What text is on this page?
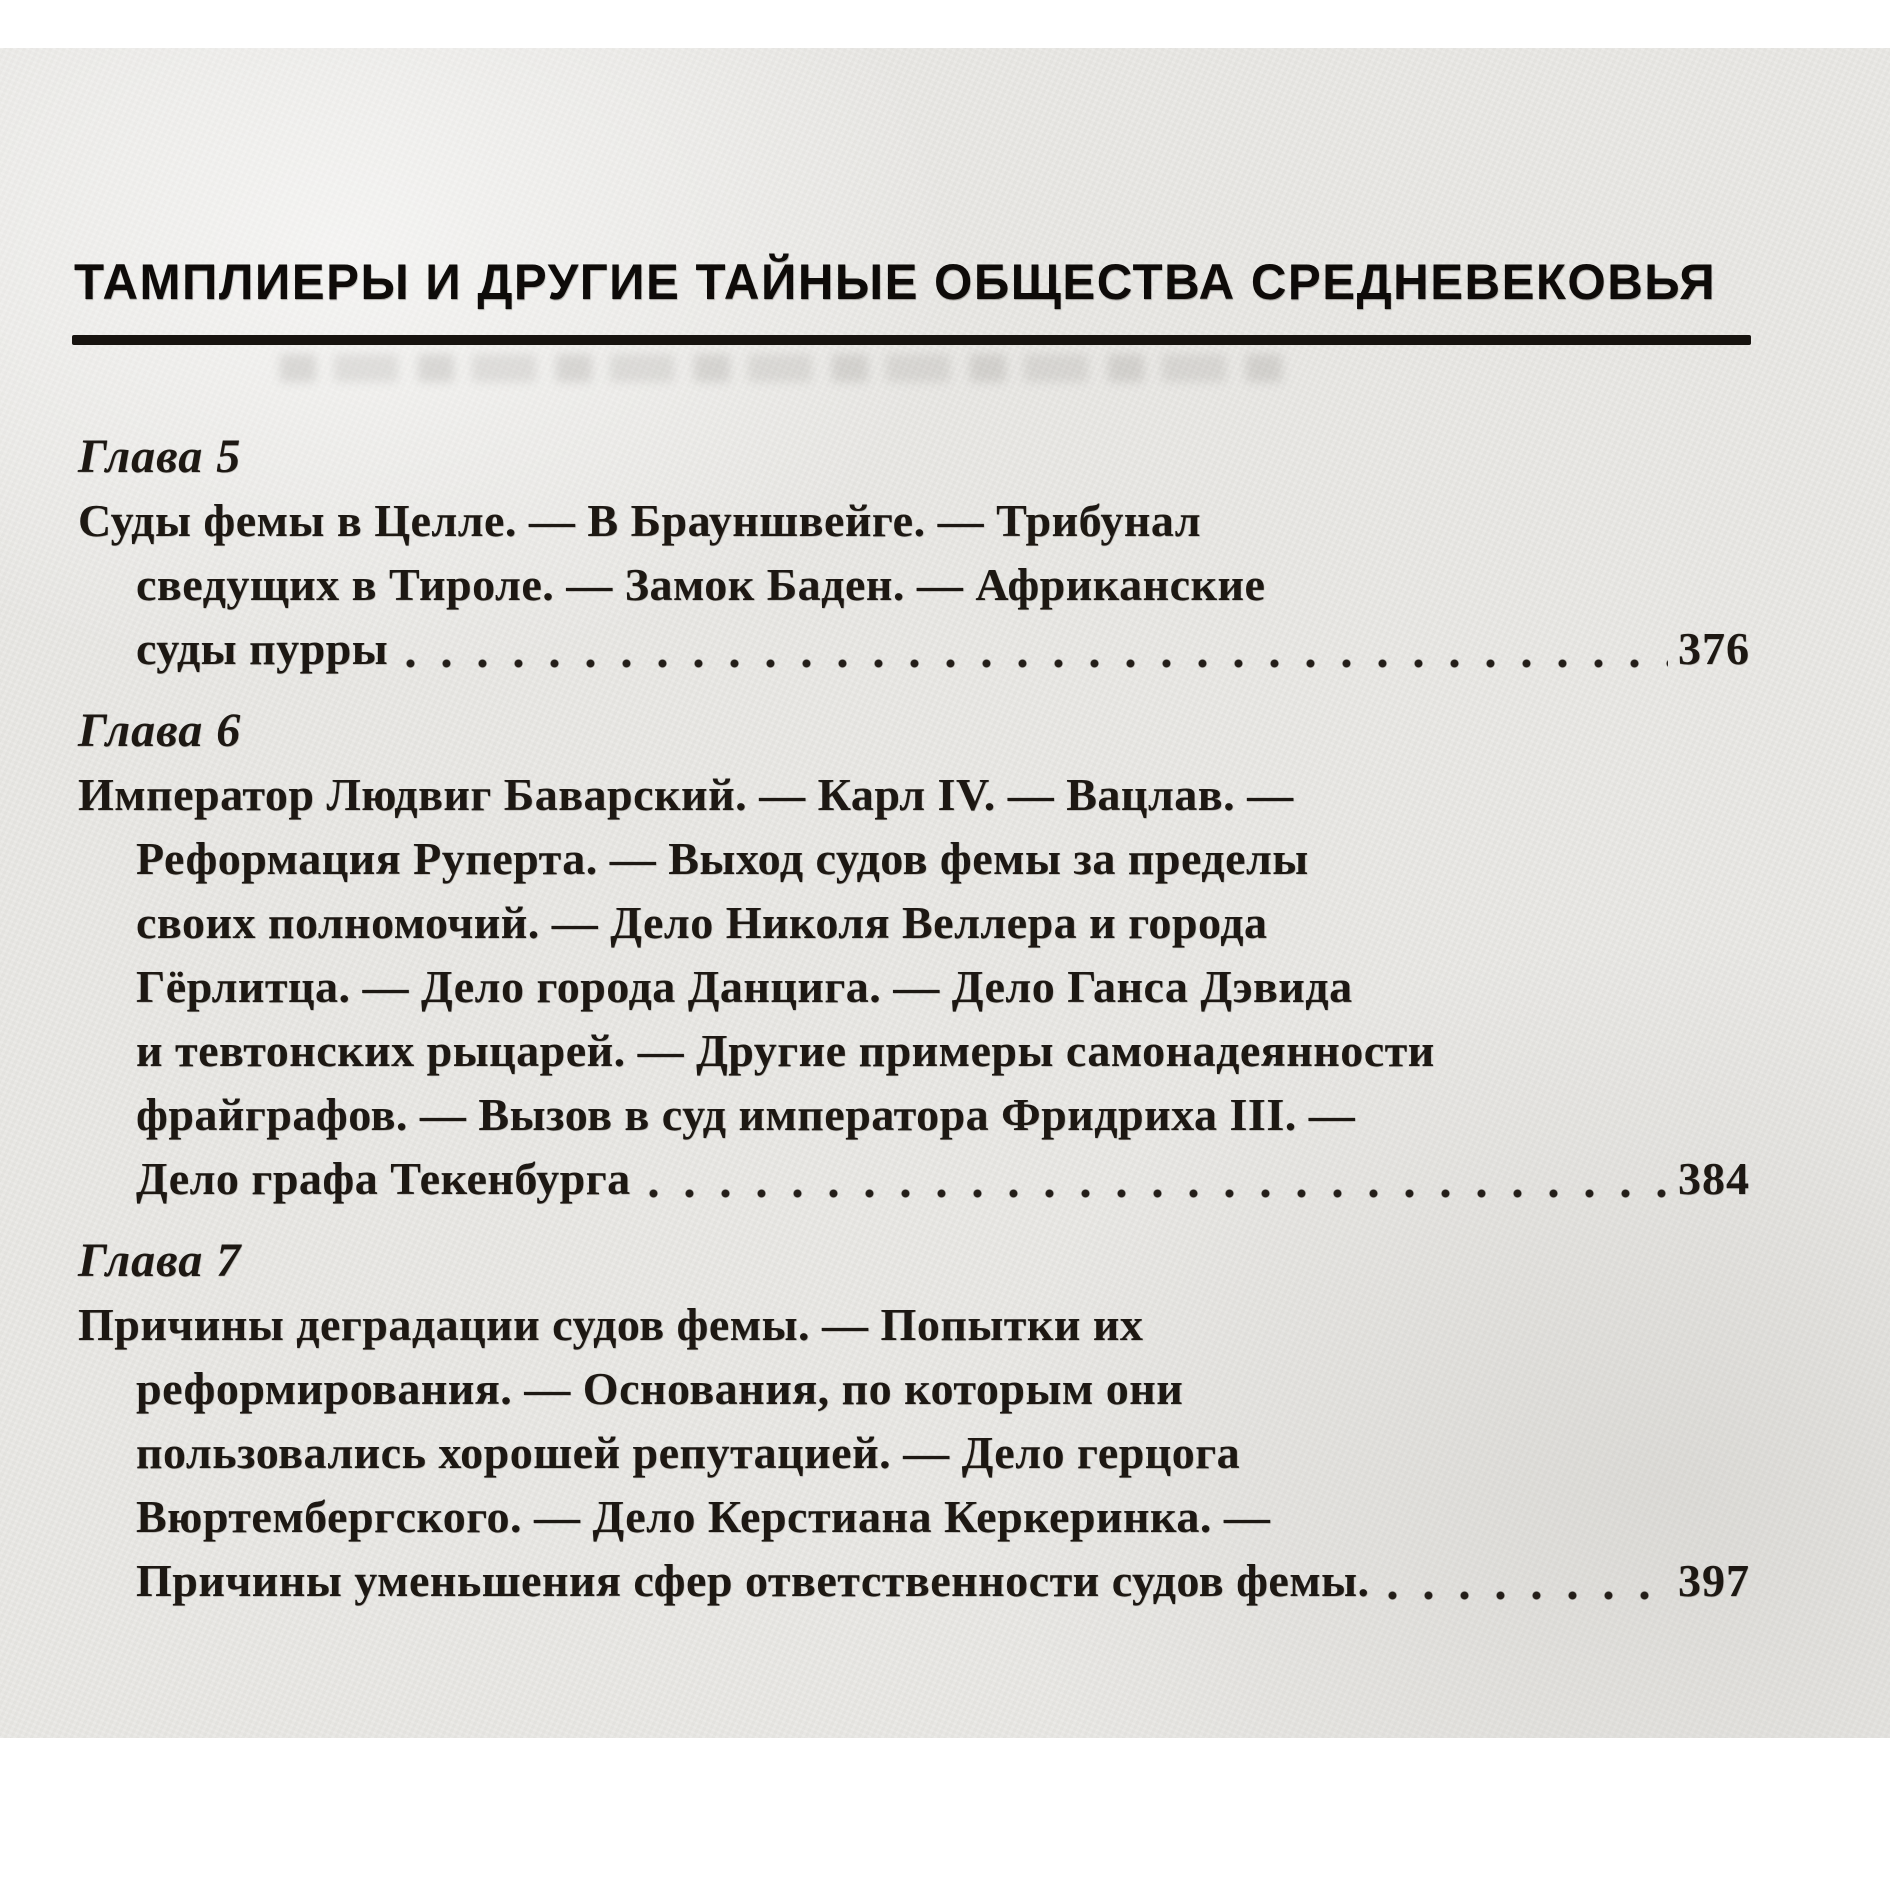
ТАМПЛИЕРЫ И ДРУГИЕ ТАЙНЫЕ ОБЩЕСТВА СРЕДНЕВЕКОВЬЯ
Глава 5
Суды фемы в Целле. — В Брауншвейге. — Трибунал
сведущих в Тироле. — Замок Баден. — Африканские
суды пурры	376
Глава 6
Император Людвиг Баварский. — Карл IV. — Вацлав. —
Реформация Руперта. — Выход судов фемы за пределы
своих полномочий. — Дело Николя Веллера и города
Гёрлитца. — Дело города Данцига. — Дело Ганса Дэвида
и тевтонских рыцарей. — Другие примеры самонадеянности
фрайграфов. — Вызов в суд императора Фридриха III. —
Дело графа Текенбурга	384
Глава 7
Причины деградации судов фемы. — Попытки их
реформирования. — Основания, по которым они
пользовались хорошей репутацией. — Дело герцога
Вюртембергского. — Дело Керстиана Керкеринка. —
Причины уменьшения сфер ответственности судов фемы.	397
